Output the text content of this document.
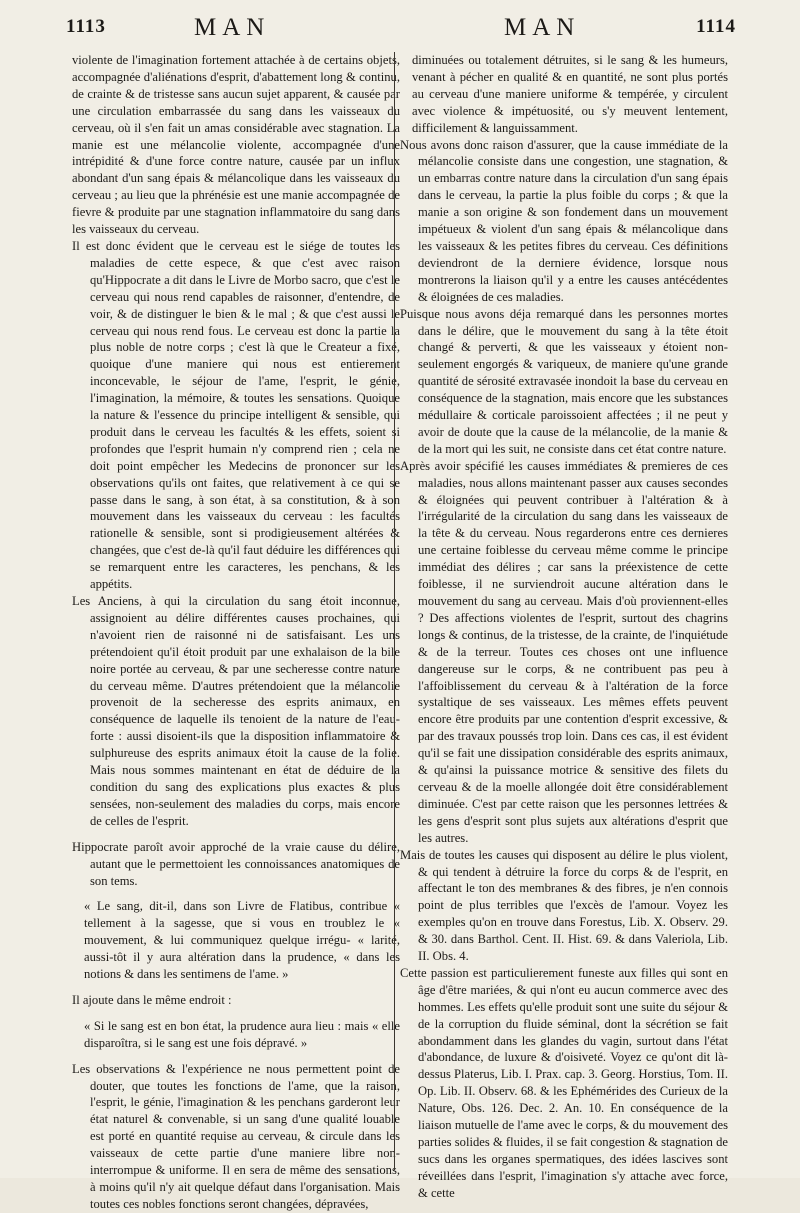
1113	MAN	MAN	1114

violente de l'imagination fortement attachée à de certains objets, accompagnée d'aliénations d'esprit, d'abattement long & continu, de crainte & de tristesse sans aucun sujet apparent, & causée par une circulation embarrassée du sang dans les vaisseaux du cerveau, où il s'en fait un amas considérable avec stagnation. La manie est une mélancolie violente, accompagnée d'une intrépidité & d'une force contre nature, causée par un influx abondant d'un sang épais & mélancolique dans les vaisseaux du cerveau ; au lieu que la phrénésie est une manie accompagnée de fievre & produite par une stagnation inflammatoire du sang dans les vaisseaux du cerveau.

Il est donc évident que le cerveau est le siége de toutes les maladies de cette espece, & que c'est avec raison qu'Hippocrate a dit dans le Livre de Morbo sacro, que c'est le cerveau qui nous rend capables de raisonner, d'entendre, de voir, & de distinguer le bien & le mal ; & que c'est aussi le cerveau qui nous rend fous. Le cerveau est donc la partie la plus noble de notre corps ; c'est là que le Createur a fixé, quoique d'une maniere qui nous est entierement inconcevable, le séjour de l'ame, l'esprit, le génie, l'imagination, la mémoire, & toutes les sensations. Quoique la nature & l'essence du principe intelligent & sensible, qui produit dans le cerveau les facultés & les effets, soient si profondes que l'esprit humain n'y comprend rien ; cela ne doit point empêcher les Medecins de prononcer sur les observations qu'ils ont faites, que relativement à ce qui se passe dans le sang, à son état, à sa constitution, & à son mouvement dans les vaisseaux du cerveau : les facultés rationelle & sensible, sont si prodigieusement altérées & changées, que c'est de-là qu'il faut déduire les différences qui se remarquent entre les caracteres, les penchans, & les appétits.

Les Anciens, à qui la circulation du sang étoit inconnue, assignoient au délire différentes causes prochaines, qui n'avoient rien de raisonné ni de satisfaisant. Les uns prétendoient qu'il étoit produit par une exhalaison de la bile noire portée au cerveau, & par une secheresse contre nature du cerveau même. D'autres prétendoient que la mélancolie provenoit de la secheresse des esprits animaux, en conséquence de laquelle ils tenoient de la nature de l'eau-forte : aussi disoient-ils que la disposition inflammatoire & sulphureuse des esprits animaux étoit la cause de la folie. Mais nous sommes maintenant en état de déduire de la condition du sang des explications plus exactes & plus sensées, non-seulement des maladies du corps, mais encore de celles de l'esprit.

Hippocrate paroît avoir approché de la vraie cause du délire, autant que le permettoient les connoissances anatomiques de son tems.

« Le sang, dit-il, dans son Livre de Flatibus, contribue « tellement à la sagesse, que si vous en troublez le « mouvement, & lui communiquez quelque irrégu- « larité, aussi-tôt il y aura altération dans la prudence, « dans les notions & dans les sentimens de l'ame. »

Il ajoute dans le même endroit :

« Si le sang est en bon état, la prudence aura lieu : mais « elle disparoîtra, si le sang est une fois dépravé. »

Les observations & l'expérience ne nous permettent point de douter, que toutes les fonctions de l'ame, que la raison, l'esprit, le génie, l'imagination & les penchans garderont leur état naturel & convenable, si un sang d'une qualité louable est porté en quantité requise au cerveau, & circule dans les vaisseaux de cette partie d'une maniere libre non-interrompue & uniforme. Il en sera de même des sensations, à moins qu'il n'y ait quelque défaut dans l'organisation. Mais toutes ces nobles fonctions seront changées, dépravées,

diminuées ou totalement détruites, si le sang & les humeurs, venant à pécher en qualité & en quantité, ne sont plus portés au cerveau d'une maniere uniforme & tempérée, y circulent avec violence & impétuosité, ou s'y meuvent lentement, difficilement & languissamment.

Nous avons donc raison d'assurer, que la cause immédiate de la mélancolie consiste dans une congestion, une stagnation, & un embarras contre nature dans la circulation d'un sang épais dans le cerveau, la partie la plus foible du corps ; & que la manie a son origine & son fondement dans un mouvement impétueux & violent d'un sang épais & mélancolique dans les vaisseaux & les petites fibres du cerveau. Ces définitions deviendront de la derniere évidence, lorsque nous montrerons la liaison qu'il y a entre les causes antécédentes & éloignées de ces maladies.

Puisque nous avons déja remarqué dans les personnes mortes dans le délire, que le mouvement du sang à la tête étoit changé & perverti, & que les vaisseaux y étoient non-seulement engorgés & variqueux, de maniere qu'une grande quantité de sérosité extravasée inondoit la base du cerveau en conséquence de la stagnation, mais encore que les substances médullaire & corticale paroissoient affectées ; il ne peut y avoir de doute que la cause de la mélancolie, de la manie & de la mort qui les suit, ne consiste dans cet état contre nature.

Après avoir spécifié les causes immédiates & premieres de ces maladies, nous allons maintenant passer aux causes secondes & éloignées qui peuvent contribuer à l'altération & à l'irrégularité de la circulation du sang dans les vaisseaux de la tête & du cerveau. Nous regarderons entre ces dernieres une certaine foiblesse du cerveau même comme le principe immédiat des délires ; car sans la préexistence de cette foiblesse, il ne surviendroit aucune altération dans le mouvement du sang au cerveau. Mais d'où proviennent-elles ? Des affections violentes de l'esprit, surtout des chagrins longs & continus, de la tristesse, de la crainte, de l'inquiétude & de la terreur. Toutes ces choses ont une influence dangereuse sur le corps, & ne contribuent pas peu à l'affoiblissement du cerveau & à l'altération de la force systaltique de ses vaisseaux. Les mêmes effets peuvent encore être produits par une contention d'esprit excessive, & par des travaux poussés trop loin. Dans ces cas, il est évident qu'il se fait une dissipation considérable des esprits animaux, & qu'ainsi la puissance motrice & sensitive des filets du cerveau & de la moelle allongée doit être considérablement diminuée. C'est par cette raison que les personnes lettrées & les gens d'esprit sont plus sujets aux altérations d'esprit que les autres.

Mais de toutes les causes qui disposent au délire le plus violent, & qui tendent à détruire la force du corps & de l'esprit, en affectant le ton des membranes & des fibres, je n'en connois point de plus terribles que l'excès de l'amour. Voyez les exemples qu'on en trouve dans Forestus, Lib. X. Observ. 29. & 30. dans Barthol. Cent. II. Hist. 69. & dans Valeriola, Lib. II. Obs. 4.

Cette passion est particulierement funeste aux filles qui sont en âge d'être mariées, & qui n'ont eu aucun commerce avec des hommes. Les effets qu'elle produit sont une suite du séjour & de la corruption du fluide séminal, dont la sécrétion se fait abondamment dans les glandes du vagin, surtout dans l'état d'abondance, de luxure & d'oisiveté. Voyez ce qu'ont dit là-dessus Platerus, Lib. I. Prax. cap. 3. Georg. Horstius, Tom. II. Op. Lib. II. Observ. 68. & les Ephémérides des Curieux de la Nature, Obs. 126. Dec. 2. An. 10. En conséquence de la liaison mutuelle de l'ame avec le corps, & du mouvement des parties solides & fluides, il se fait congestion & stagnation de sucs dans les organes spermatiques, des idées lascives sont réveillées dans l'esprit, l'imagination s'y attache avec force, & cette
